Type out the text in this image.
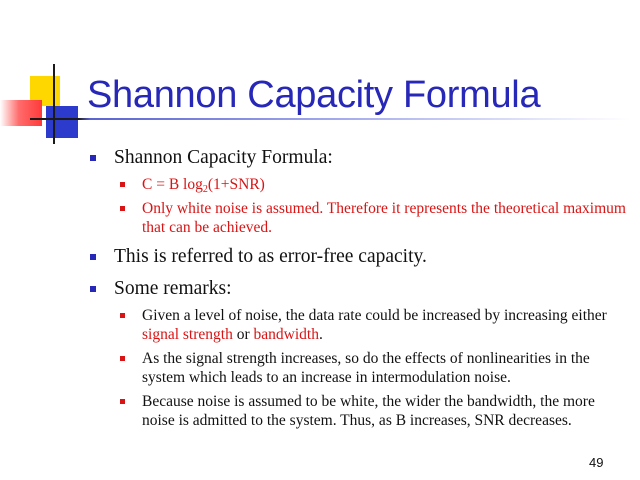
Shannon Capacity Formula
Shannon Capacity Formula:
C = B $\log_2(1+SNR)$
Only white noise is assumed. Therefore it represents the theoretical maximum that can be achieved.
This is referred to as error-free capacity.
Some remarks:
Given a level of noise, the data rate could be increased by increasing either signal strength or bandwidth.
As the signal strength increases, so do the effects of nonlinearities in the system which leads to an increase in intermodulation noise.
Because noise is assumed to be white, the wider the bandwidth, the more noise is admitted to the system. Thus, as B increases, SNR decreases.
49
